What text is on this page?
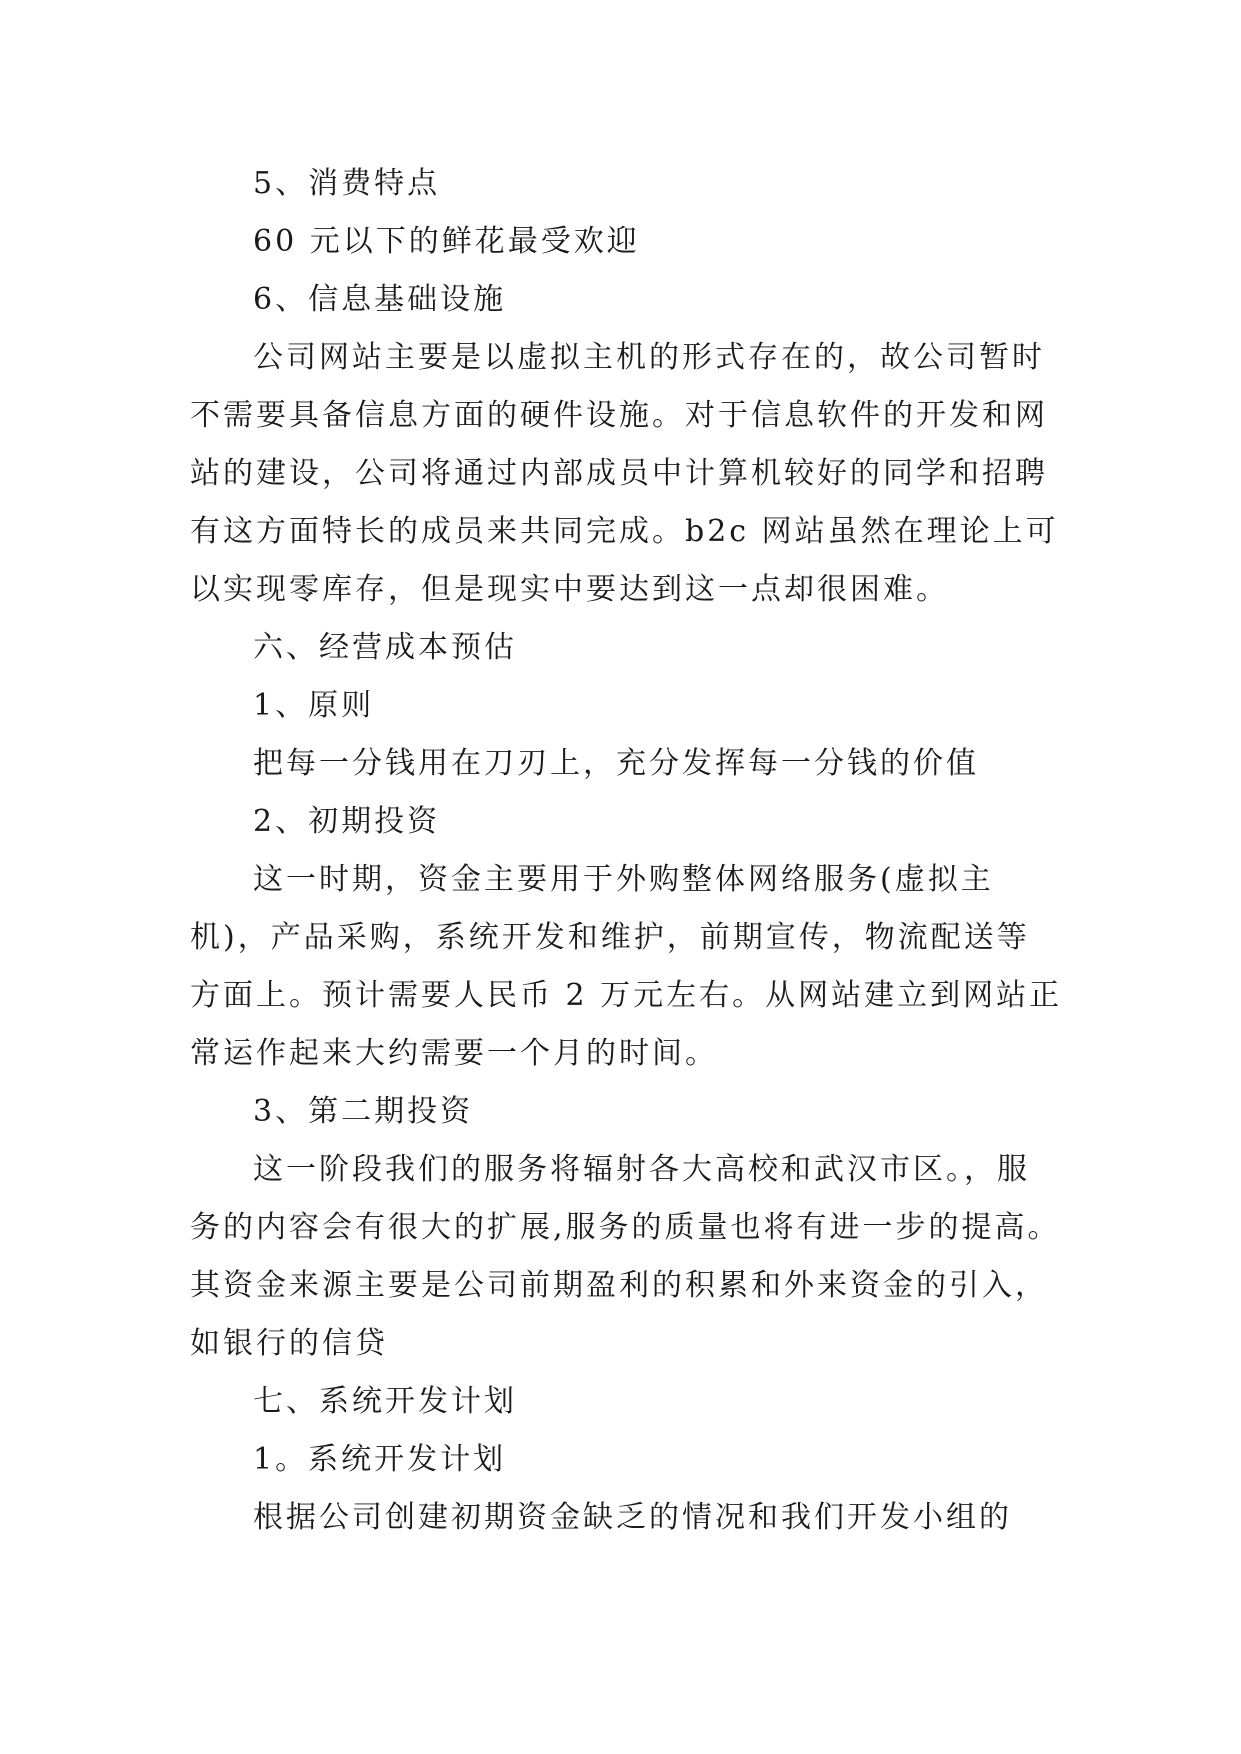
5、消费特点
60 元以下的鲜花最受欢迎
6、信息基础设施
公司网站主要是以虚拟主机的形式存在的，故公司暂时
不需要具备信息方面的硬件设施。对于信息软件的开发和网
站的建设，公司将通过内部成员中计算机较好的同学和招聘
有这方面特长的成员来共同完成。b2c 网站虽然在理论上可
以实现零库存，但是现实中要达到这一点却很困难。
六、经营成本预估
1、原则
把每一分钱用在刀刃上，充分发挥每一分钱的价值
2、初期投资
这一时期，资金主要用于外购整体网络服务(虚拟主
机)，产品采购，系统开发和维护，前期宣传，物流配送等
方面上。预计需要人民币 2 万元左右。从网站建立到网站正
常运作起来大约需要一个月的时间。
3、第二期投资
这一阶段我们的服务将辐射各大高校和武汉市区。，服
务的内容会有很大的扩展,服务的质量也将有进一步的提高。
其资金来源主要是公司前期盈利的积累和外来资金的引入，
如银行的信贷
七、系统开发计划
1。系统开发计划
根据公司创建初期资金缺乏的情况和我们开发小组的
